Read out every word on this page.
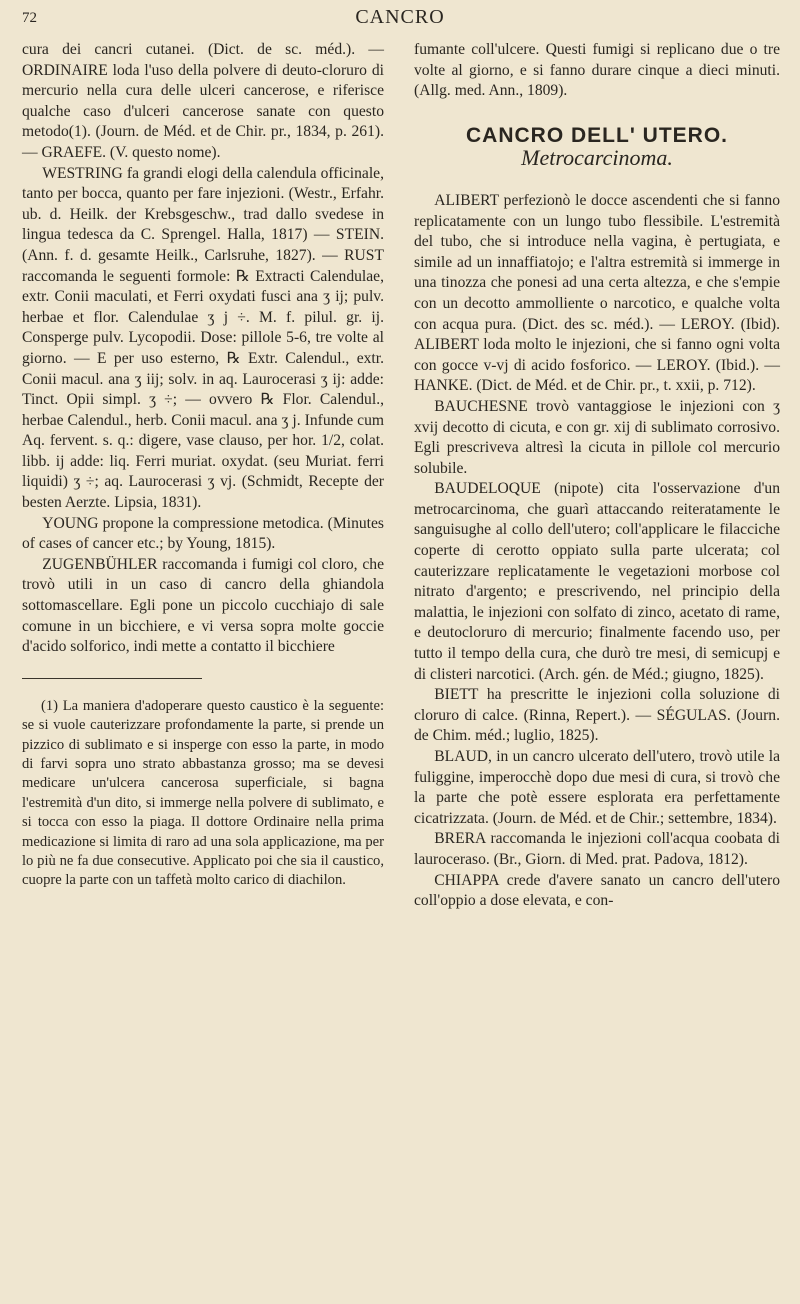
72	CANCRO

cura dei cancri cutanei. (Dict. de sc. méd.). — ORDINAIRE loda l'uso della polvere di deuto-cloruro di mercurio nella cura delle ulceri cancerose, e riferisce qualche caso d'ulceri cancerose sanate con questo metodo(1). (Journ. de Méd. et de Chir. pr., 1834, p. 261). — GRAEFE. (V. questo nome).

WESTRING fa grandi elogi della calendula officinale, tanto per bocca, quanto per fare injezioni. (Westr., Erfahr. ub. d. Heilk. der Krebsgeschw., trad dallo svedese in lingua tedesca da C. Sprengel. Halla, 1817) — STEIN. (Ann. f. d. gesamte Heilk., Carlsruhe, 1827). — RUST raccomanda le seguenti formole: ℞ Extracti Calendulae, extr. Conii maculati, et Ferri oxydati fusci ana ʒ ij; pulv. herbae et flor. Calendulae ʒ j ÷. M. f. pilul. gr. ij. Consperge pulv. Lycopodii. Dose: pillole 5-6, tre volte al giorno. — E per uso esterno, ℞ Extr. Calendul., extr. Conii macul. ana ʒ iij; solv. in aq. Laurocerasi ʒ ij: adde: Tinct. Opii simpl. ʒ ÷; — ovvero ℞ Flor. Calendul., herbae Calendul., herb. Conii macul. ana ʒ j. Infunde cum Aq. fervent. s. q.: digere, vase clauso, per hor. 1/2, colat. libb. ij adde: liq. Ferri muriat. oxydat. (seu Muriat. ferri liquidi) ʒ ÷; aq. Laurocerasi ʒ vj. (Schmidt, Recepte der besten Aerzte. Lipsia, 1831).

YOUNG propone la compressione metodica. (Minutes of cases of cancer etc.; by Young, 1815).

ZUGENBÜHLER raccomanda i fumigi col cloro, che trovò utili in un caso di cancro della ghiandola sottomascellare. Egli pone un piccolo cucchiajo di sale comune in un bicchiere, e vi versa sopra molte goccie d'acido solforico, indi mette a contatto il bicchiere

(1) La maniera d'adoperare questo caustico è la seguente: se si vuole cauterizzare profondamente la parte, si prende un pizzico di sublimato e si insperge con esso la parte, in modo di farvi sopra uno strato abbastanza grosso; ma se devesi medicare un'ulcera cancerosa superficiale, si bagna l'estremità d'un dito, si immerge nella polvere di sublimato, e si tocca con esso la piaga. Il dottore Ordinaire nella prima medicazione si limita di raro ad una sola applicazione, ma per lo più ne fa due consecutive. Applicato poi che sia il caustico, cuopre la parte con un taffetà molto carico di diachilon.

fumante coll'ulcere. Questi fumigi si replicano due o tre volte al giorno, e si fanno durare cinque a dieci minuti. (Allg. med. Ann., 1809).

CANCRO DELL' UTERO.
Metrocarcinoma.

ALIBERT perfezionò le docce ascendenti che si fanno replicatamente con un lungo tubo flessibile. L'estremità del tubo, che si introduce nella vagina, è pertugiata, e simile ad un innaffiatojo; e l'altra estremità si immerge in una tinozza che ponesi ad una certa altezza, e che s'empie con un decotto ammolliente o narcotico, e qualche volta con acqua pura. (Dict. des sc. méd.). — LEROY. (Ibid). ALIBERT loda molto le injezioni, che si fanno ogni volta con gocce v-vj di acido fosforico. — LEROY. (Ibid.). — HANKE. (Dict. de Méd. et de Chir. pr., t. xxii, p. 712).

BAUCHESNE trovò vantaggiose le injezioni con ʒ xvij decotto di cicuta, e con gr. xij di sublimato corrosivo. Egli prescriveva altresì la cicuta in pillole col mercurio solubile.

BAUDELOQUE (nipote) cita l'osservazione d'un metrocarcinoma, che guarì attaccando reiteratamente le sanguisughe al collo dell'utero; coll'applicare le filacciche coperte di cerotto oppiato sulla parte ulcerata; col cauterizzare replicatamente le vegetazioni morbose col nitrato d'argento; e prescrivendo, nel principio della malattia, le injezioni con solfato di zinco, acetato di rame, e deutocloruro di mercurio; finalmente facendo uso, per tutto il tempo della cura, che durò tre mesi, di semicupj e di clisteri narcotici. (Arch. gén. de Méd.; giugno, 1825).

BIETT ha prescritte le injezioni colla soluzione di cloruro di calce. (Rinna, Repert.). — SÉGULAS. (Journ. de Chim. méd.; luglio, 1825).

BLAUD, in un cancro ulcerato dell'utero, trovò utile la fuliggine, imperocchè dopo due mesi di cura, si trovò che la parte che potè essere esplorata era perfettamente cicatrizzata. (Journ. de Méd. et de Chir.; settembre, 1834).

BRERA raccomanda le injezioni coll'acqua coobata di lauroceraso. (Br., Giorn. di Med. prat. Padova, 1812).

CHIAPPA crede d'avere sanato un cancro dell'utero coll'oppio a dose elevata, e con-
